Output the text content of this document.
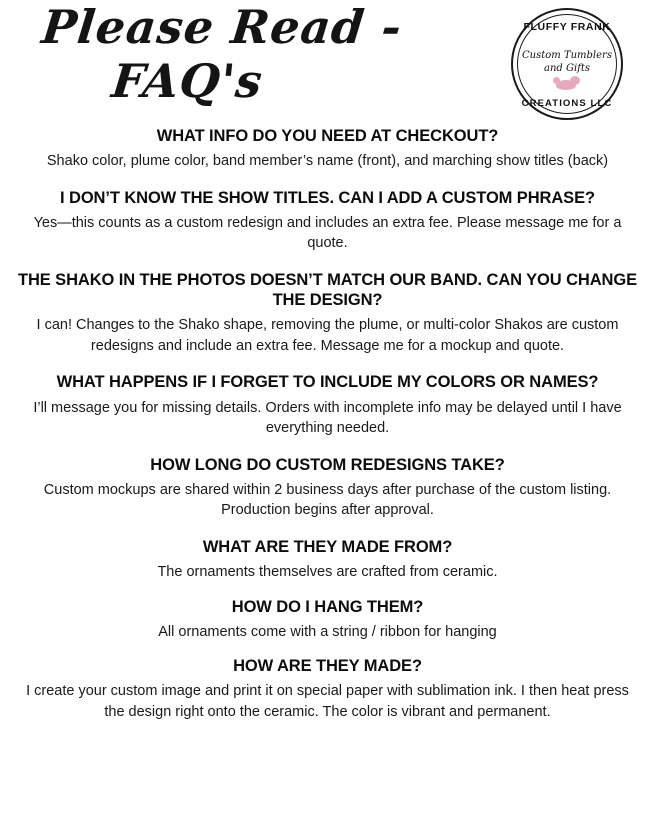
Please Read -
FAQ's
FLUFFY FRANK
Custom Tumblers
and Gifts
CREATIONS LLC
WHAT INFO DO YOU NEED AT CHECKOUT?
Shako color, plume color, band member’s name (front), and marching show titles (back)
I DON’T KNOW THE SHOW TITLES. CAN I ADD A CUSTOM PHRASE?
Yes—this counts as a custom redesign and includes an extra fee. Please message me for a quote.
THE SHAKO IN THE PHOTOS DOESN’T MATCH OUR BAND. CAN YOU CHANGE THE DESIGN?
I can! Changes to the Shako shape, removing the plume, or multi-color Shakos are custom redesigns and include an extra fee. Message me for a mockup and quote.
WHAT HAPPENS IF I FORGET TO INCLUDE MY COLORS OR NAMES?
I’ll message you for missing details. Orders with incomplete info may be delayed until I have everything needed.
HOW LONG DO CUSTOM REDESIGNS TAKE?
Custom mockups are shared within 2 business days after purchase of the custom listing. Production begins after approval.
WHAT ARE THEY MADE FROM?
The ornaments themselves are crafted from ceramic.
HOW DO I HANG THEM?
All ornaments come with a string / ribbon for hanging
HOW ARE THEY MADE?
I create your custom image and print it on special paper with sublimation ink. I then heat press the design right onto the ceramic. The color is vibrant and permanent.
